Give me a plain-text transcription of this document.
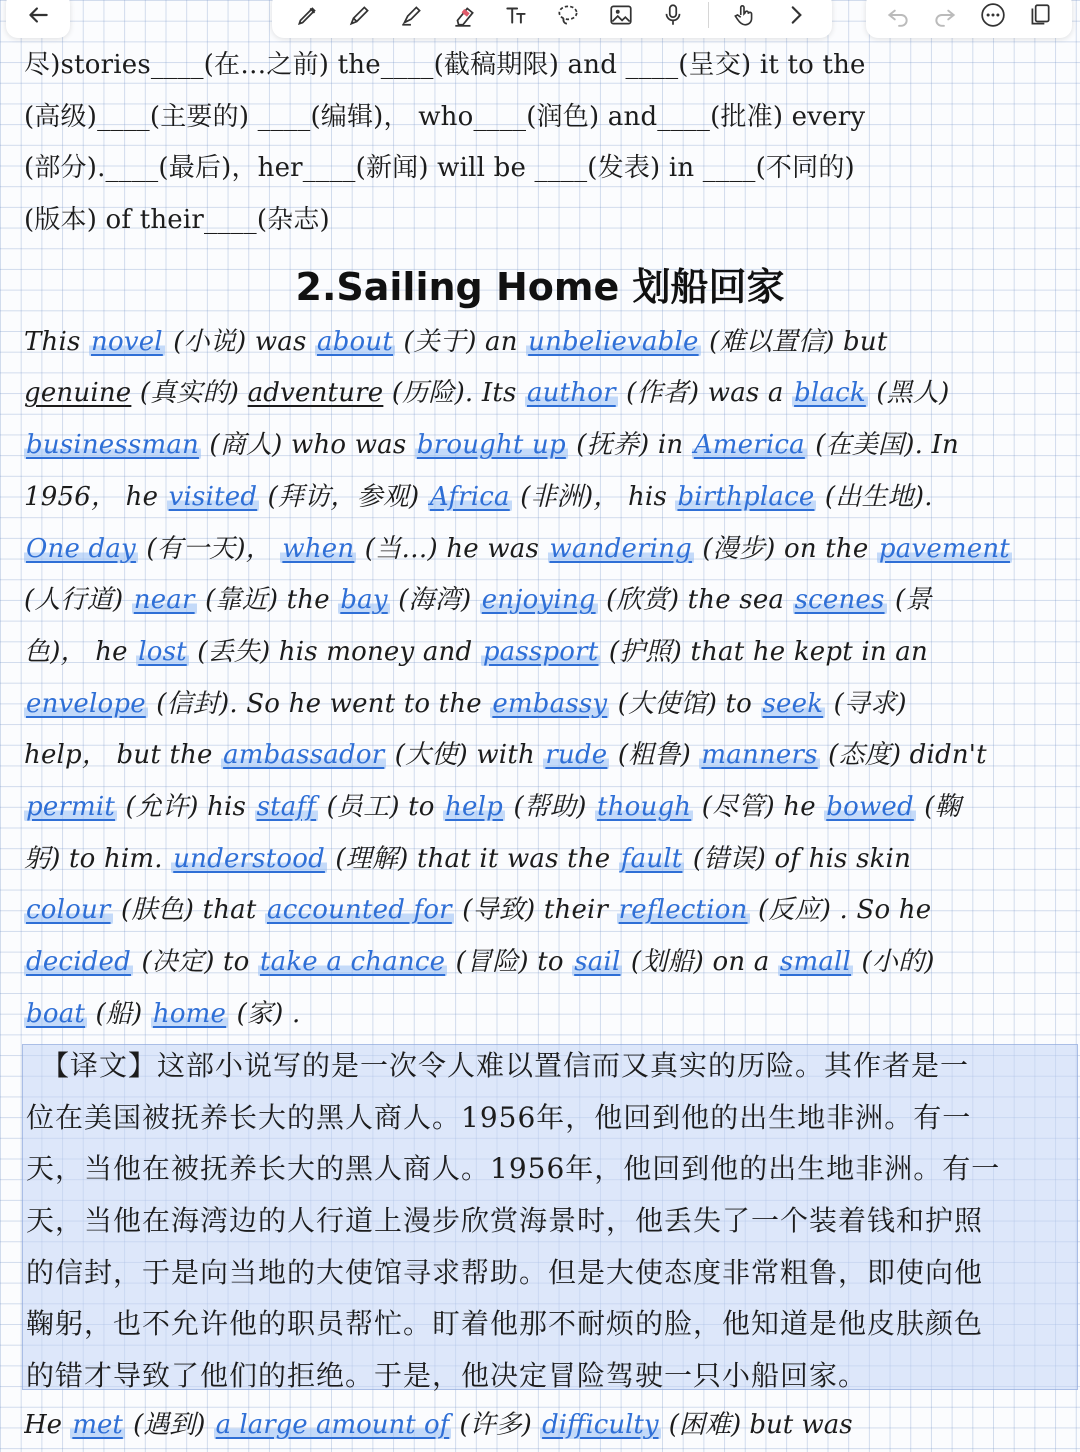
尽)stories____(在…之前) the____(截稿期限) and ____(呈交) it to the
(高级)____(主要的) ____(编辑)， who____(润色) and____(批准) every
(部分).____(最后)，her____(新闻) will be ____(发表) in ____(不同的)
(版本) of their____(杂志)
2.Sailing Home 划船回家
This novel (小说) was about (关于) an unbelievable (难以置信) but
genuine (真实的) adventure (历险). Its author (作者) was a black (黑人)
businessman (商人) who was brought up (抚养) in America (在美国). In
1956， he visited (拜访，参观) Africa (非洲)， his birthplace (出生地).
One day (有一天)， when (当…) he was wandering (漫步) on the pavement
(人行道) near (靠近) the bay (海湾) enjoying (欣赏) the sea scenes (景
色)， he lost (丢失) his money and passport (护照) that he kept in an
envelope (信封). So he went to the embassy (大使馆) to seek (寻求)
help， but the ambassador (大使) with rude (粗鲁) manners (态度) didn't
permit (允许) his staff (员工) to help (帮助) though (尽管) he bowed (鞠
躬) to him. understood (理解) that it was the fault (错误) of his skin
colour (肤色) that accounted for (导致) their reflection (反应) . So he
decided (决定) to take a chance (冒险) to sail (划船) on a small (小的)
boat (船) home (家) .
　【译文】这部小说写的是一次令人难以置信而又真实的历险。其作者是一
位在美国被抚养长大的黑人商人。1956年，他回到他的出生地非洲。有一
天，当他在被抚养长大的黑人商人。1956年，他回到他的出生地非洲。有一
天，当他在海湾边的人行道上漫步欣赏海景时，他丢失了一个装着钱和护照
的信封，于是向当地的大使馆寻求帮助。但是大使态度非常粗鲁，即使向他
鞠躬，也不允许他的职员帮忙。盯着他那不耐烦的脸，他知道是他皮肤颜色
的错才导致了他们的拒绝。于是，他决定冒险驾驶一只小船回家。
He met (遇到) a large amount of (许多) difficulty (困难) but was
